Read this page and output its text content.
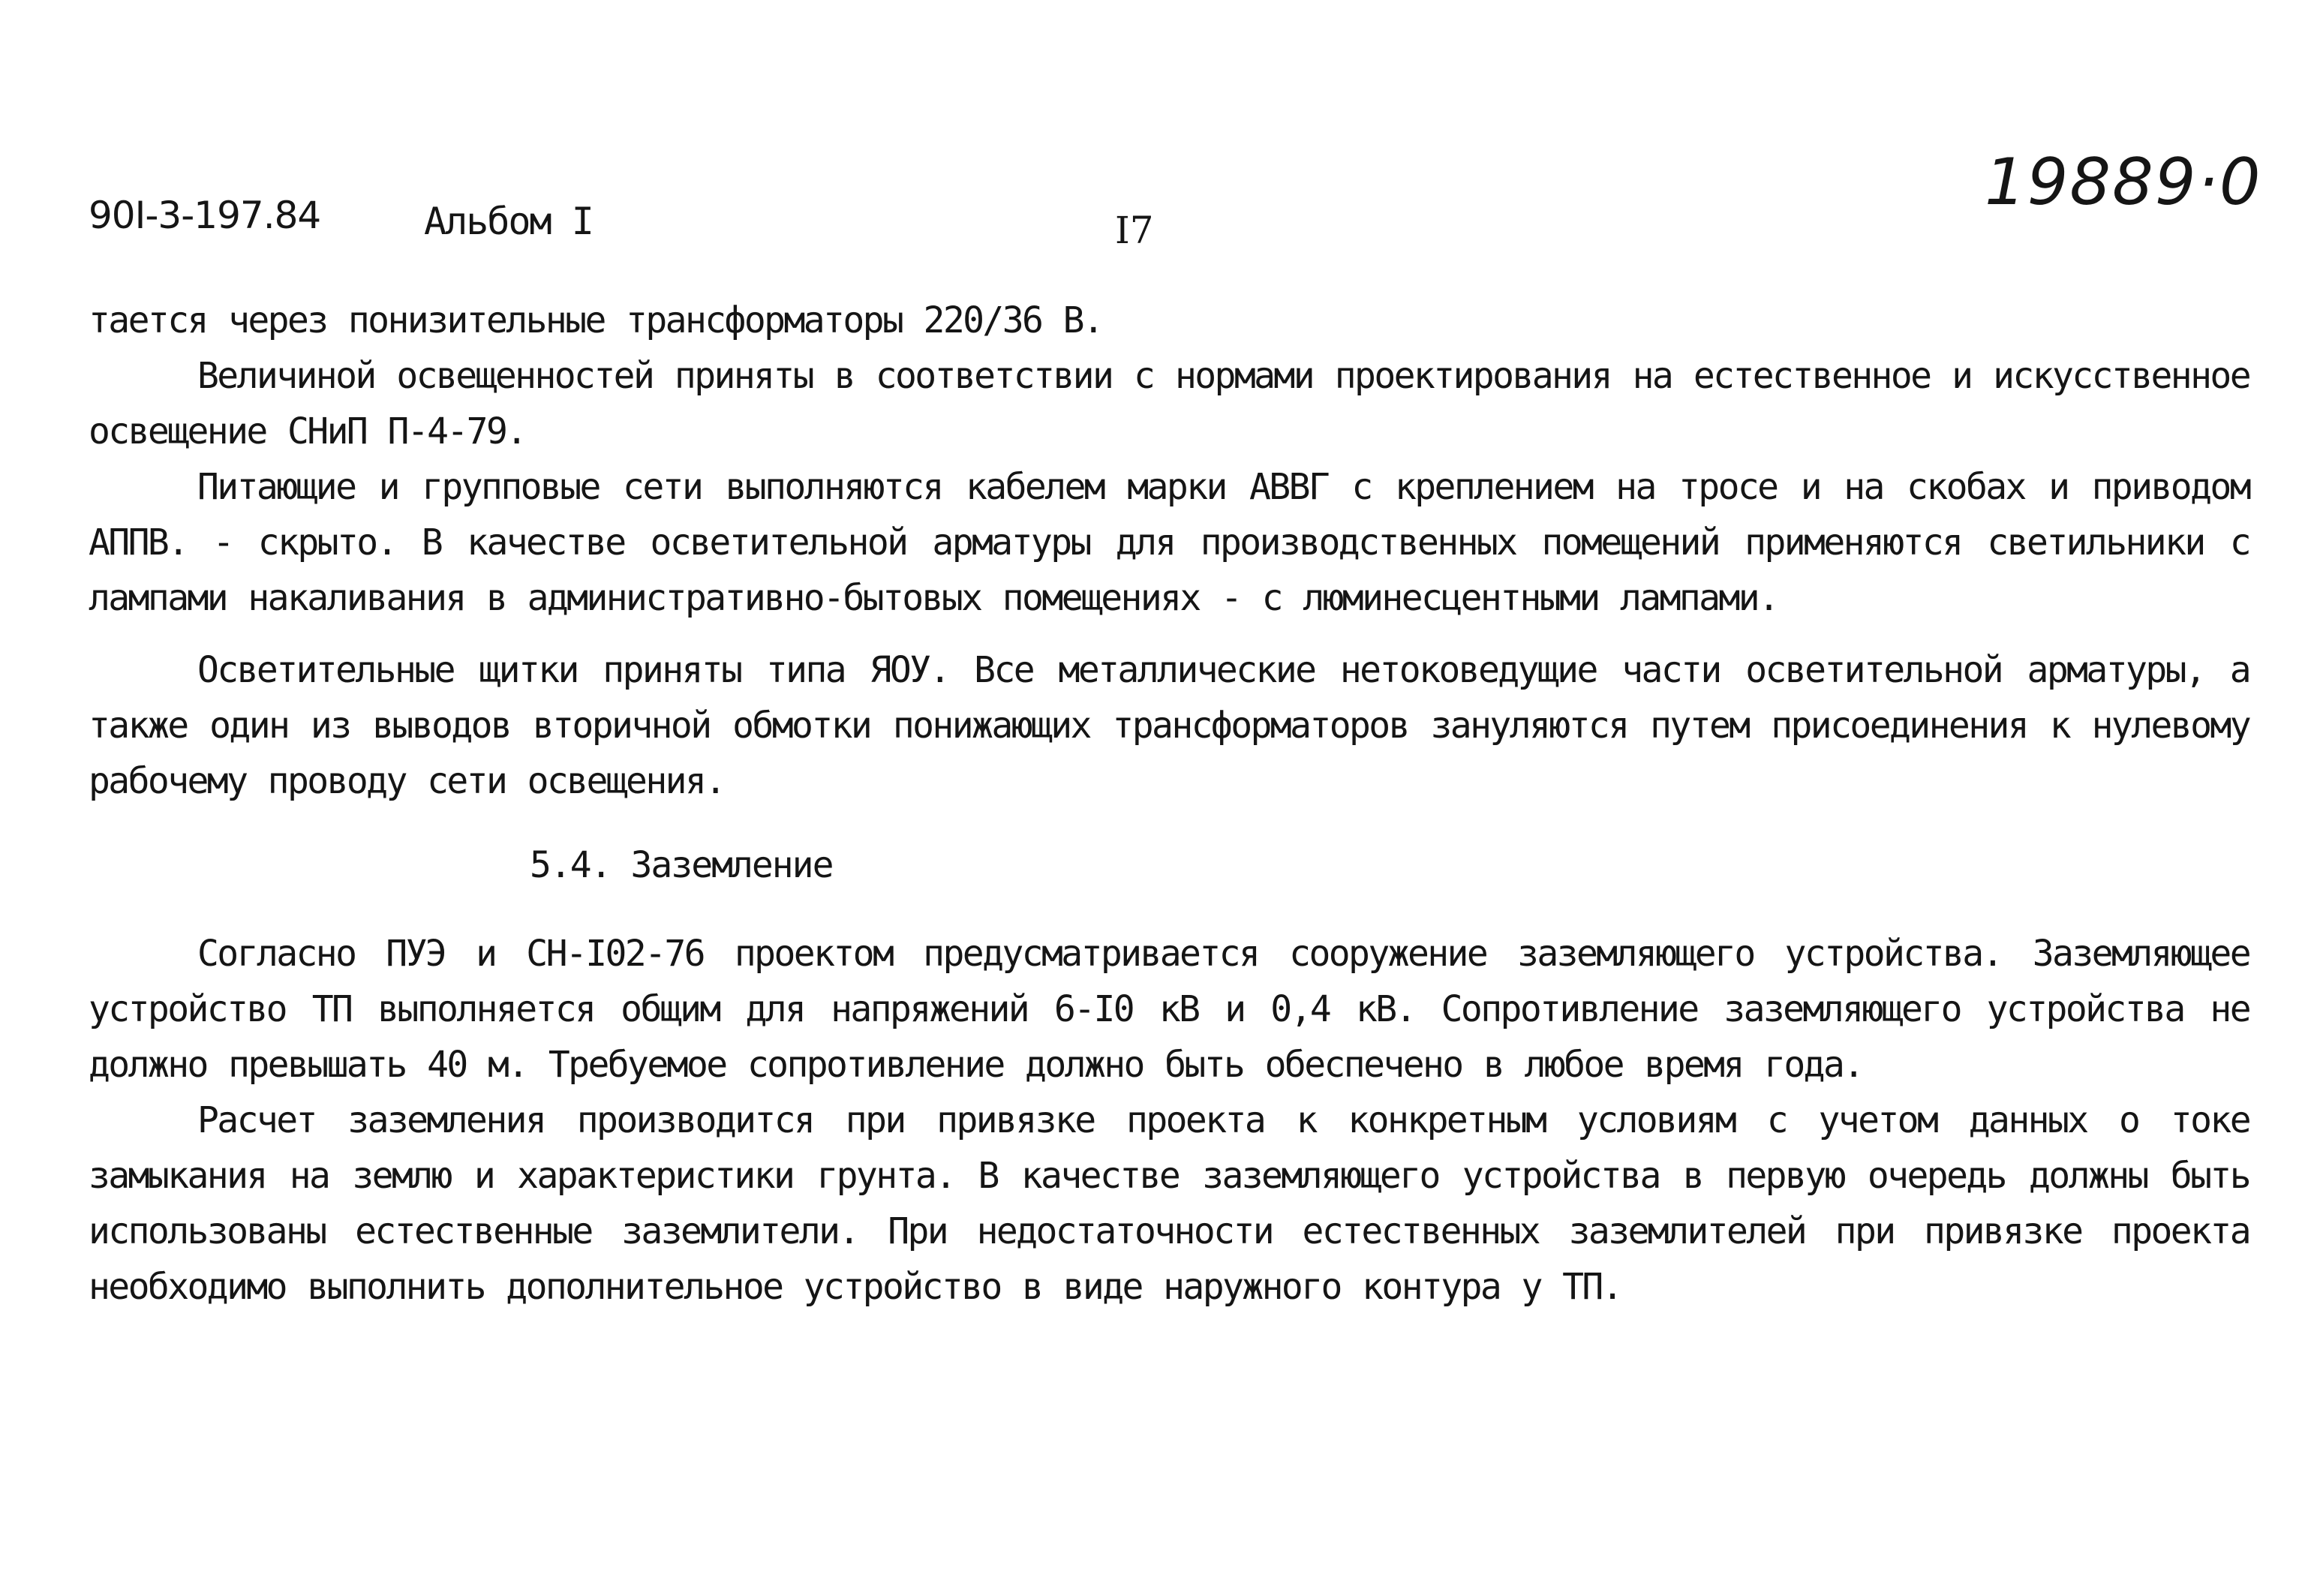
90I-3-197.84	Альбом I	I7
19889·0

тается через понизительные трансформаторы 220/36 В.

Величиной освещенностей приняты в соответствии с нормами проектирования на естественное и искусственное освещение СНиП П-4-79.

Питающие и групповые сети выполняются кабелем марки АВВГ с креплением на тросе и на скобах и приводом АППВ. - скрыто. В качестве осветительной арматуры для производственных помещений применяются светильники с лампами накаливания в административно-бытовых помещениях - с люминесцентными лампами.

Осветительные щитки приняты типа ЯОУ. Все металлические нетоковедущие части осветительной арматуры, а также один из выводов вторичной обмотки понижающих трансформаторов зануляются путем присоединения к нулевому рабочему проводу сети освещения.

5.4. Заземление

Согласно ПУЭ и СН-I02-76 проектом предусматривается сооружение заземляющего устройства. Заземляющее устройство ТП выполняется общим для напряжений 6-I0 кВ и 0,4 кВ. Сопротивление заземляющего устройства не должно превышать 40 м. Требуемое сопротивление должно быть обеспечено в любое время года.

Расчет заземления производится при привязке проекта к конкретным условиям с учетом данных о токе замыкания на землю и характеристики грунта. В качестве заземляющего устройства в первую очередь должны быть использованы естественные заземлители. При недостаточности естественных заземлителей при привязке проекта необходимо выполнить дополнительное устройство в виде наружного контура у ТП.
